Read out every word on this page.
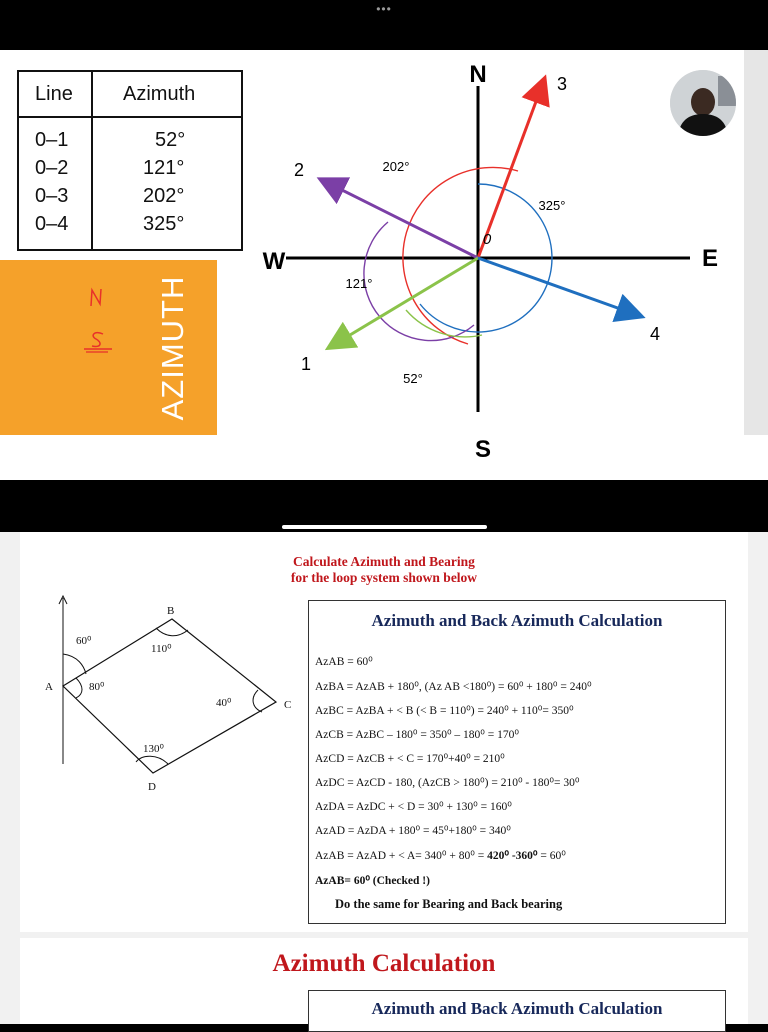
•••
AZIMUTH
Line	Azimuth
0–1	52°
0–2	121°
0–3	202°
0–4	325°
N
S
E
W
0
1
2
3
4
202°
325°
121°
52°
Calculate Azimuth and Bearing
for the loop system shown below
B
A
C
D
60⁰
110⁰
80⁰
40⁰
130⁰
Azimuth and Back Azimuth Calculation
AzAB = 60⁰
AzBA = AzAB + 180⁰, (Az AB <180⁰) = 60⁰ + 180⁰ = 240⁰
AzBC = AzBA + < B (< B = 110⁰) = 240⁰ + 110⁰= 350⁰
AzCB = AzBC – 180⁰ = 350⁰ – 180⁰ = 170⁰
AzCD = AzCB + < C = 170⁰+40⁰ = 210⁰
AzDC = AzCD - 180, (AzCB > 180⁰) = 210⁰ - 180⁰= 30⁰
AzDA = AzDC + < D = 30⁰ + 130⁰ = 160⁰
AzAD = AzDA + 180⁰ = 45⁰+180⁰ = 340⁰
AzAB = AzAD + < A= 340⁰ + 80⁰ = 420⁰ -360⁰ = 60⁰
AzAB= 60⁰ (Checked !)
Do the same for Bearing and Back bearing
Azimuth Calculation
Azimuth and Back Azimuth Calculation
